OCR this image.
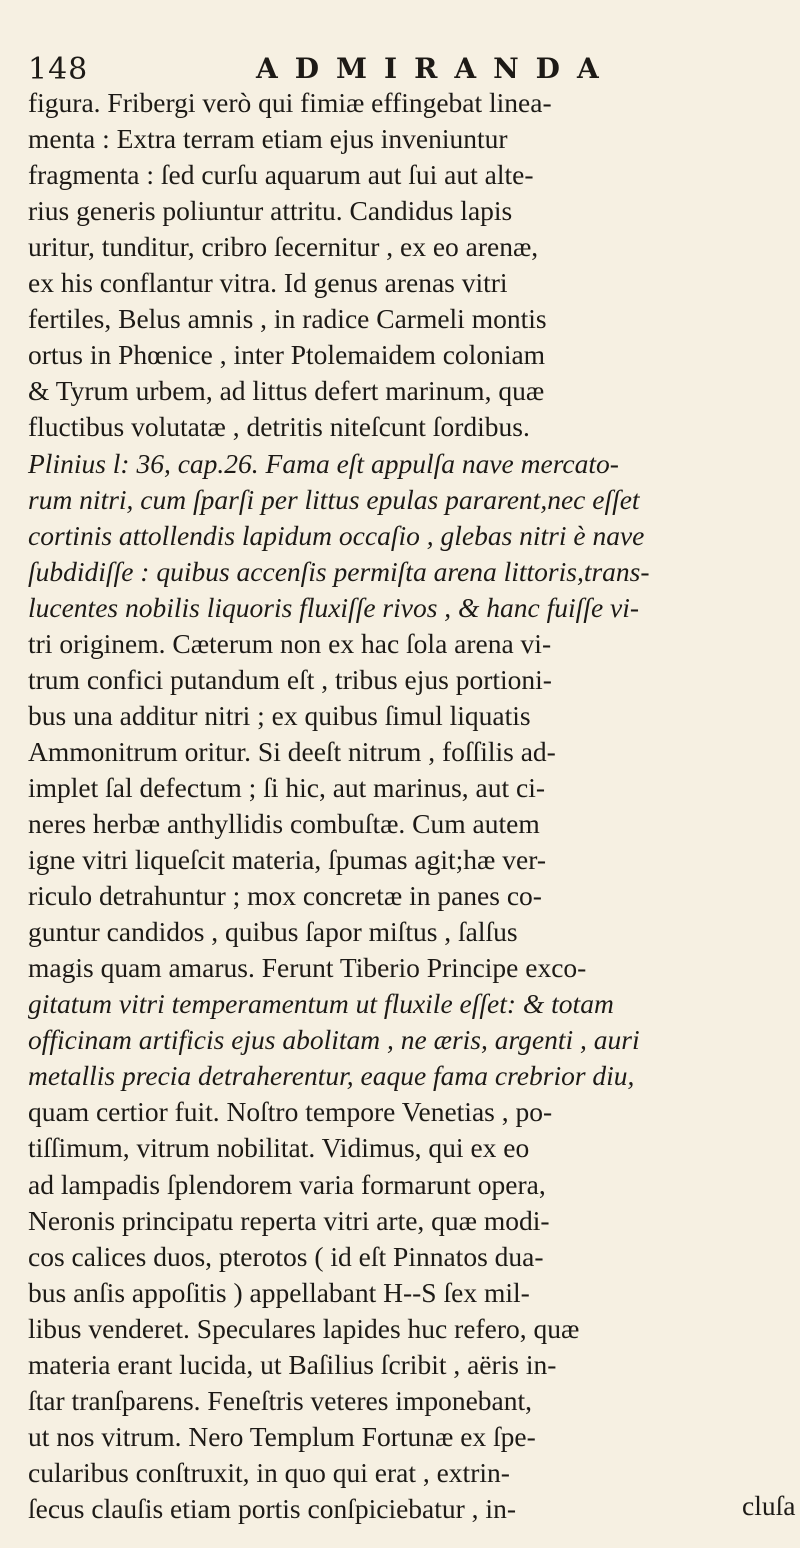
148	ADMIRANDA
figura. Fribergi verò qui fimiæ effingebat linea-
menta : Extra terram etiam ejus inveniuntur
fragmenta : ſed curſu aquarum aut ſui aut alte-
rius generis poliuntur attritu. Candidus lapis
uritur, tunditur, cribro ſecernitur , ex eo arenæ,
ex his conflantur vitra. Id genus arenas vitri
fertiles, Belus amnis , in radice Carmeli montis
ortus in Phœnice , inter Ptolemaidem coloniam
& Tyrum urbem, ad littus defert marinum, quæ
fluctibus volutatæ , detritis niteſcunt ſordibus.
Plinius l: 36, cap.26. Fama eſt appulſa nave mercato-
rum nitri, cum ſparſi per littus epulas pararent,nec eſſet
cortinis attollendis lapidum occaſio , glebas nitri è nave
ſubdidiſſe : quibus accenſis permiſta arena littoris,trans-
lucentes nobilis liquoris fluxiſſe rivos , & hanc fuiſſe vi-
tri originem. Cæterum non ex hac ſola arena vi-
trum confici putandum eſt , tribus ejus portioni-
bus una additur nitri ; ex quibus ſimul liquatis
Ammonitrum oritur. Si deeſt nitrum , foſſilis ad-
implet ſal defectum ; ſi hic, aut marinus, aut ci-
neres herbæ anthyllidis combuſtæ. Cum autem
igne vitri liqueſcit materia, ſpumas agit;hæ ver-
riculo detrahuntur ; mox concretæ in panes co-
guntur candidos , quibus ſapor miſtus , ſalſus
magis quam amarus. Ferunt Tiberio Principe exco-
gitatum vitri temperamentum ut fluxile eſſet: & totam
officinam artificis ejus abolitam , ne æris, argenti , auri
metallis precia detraherentur, eaque fama crebrior diu,
quam certior fuit. Noſtro tempore Venetias , po-
tiſſimum, vitrum nobilitat. Vidimus, qui ex eo
ad lampadis ſplendorem varia formarunt opera,
Neronis principatu reperta vitri arte, quæ modi-
cos calices duos, pterotos ( id eſt Pinnatos dua-
bus anſis appoſitis ) appellabant H--S ſex mil-
libus venderet. Speculares lapides huc refero, quæ
materia erant lucida, ut Baſilius ſcribit , aëris in-
ſtar tranſparens. Feneſtris veteres imponebant,
ut nos vitrum. Nero Templum Fortunæ ex ſpe-
cularibus conſtruxit, in quo qui erat , extrin-
ſecus clauſis etiam portis conſpiciebatur , in-	cluſa
